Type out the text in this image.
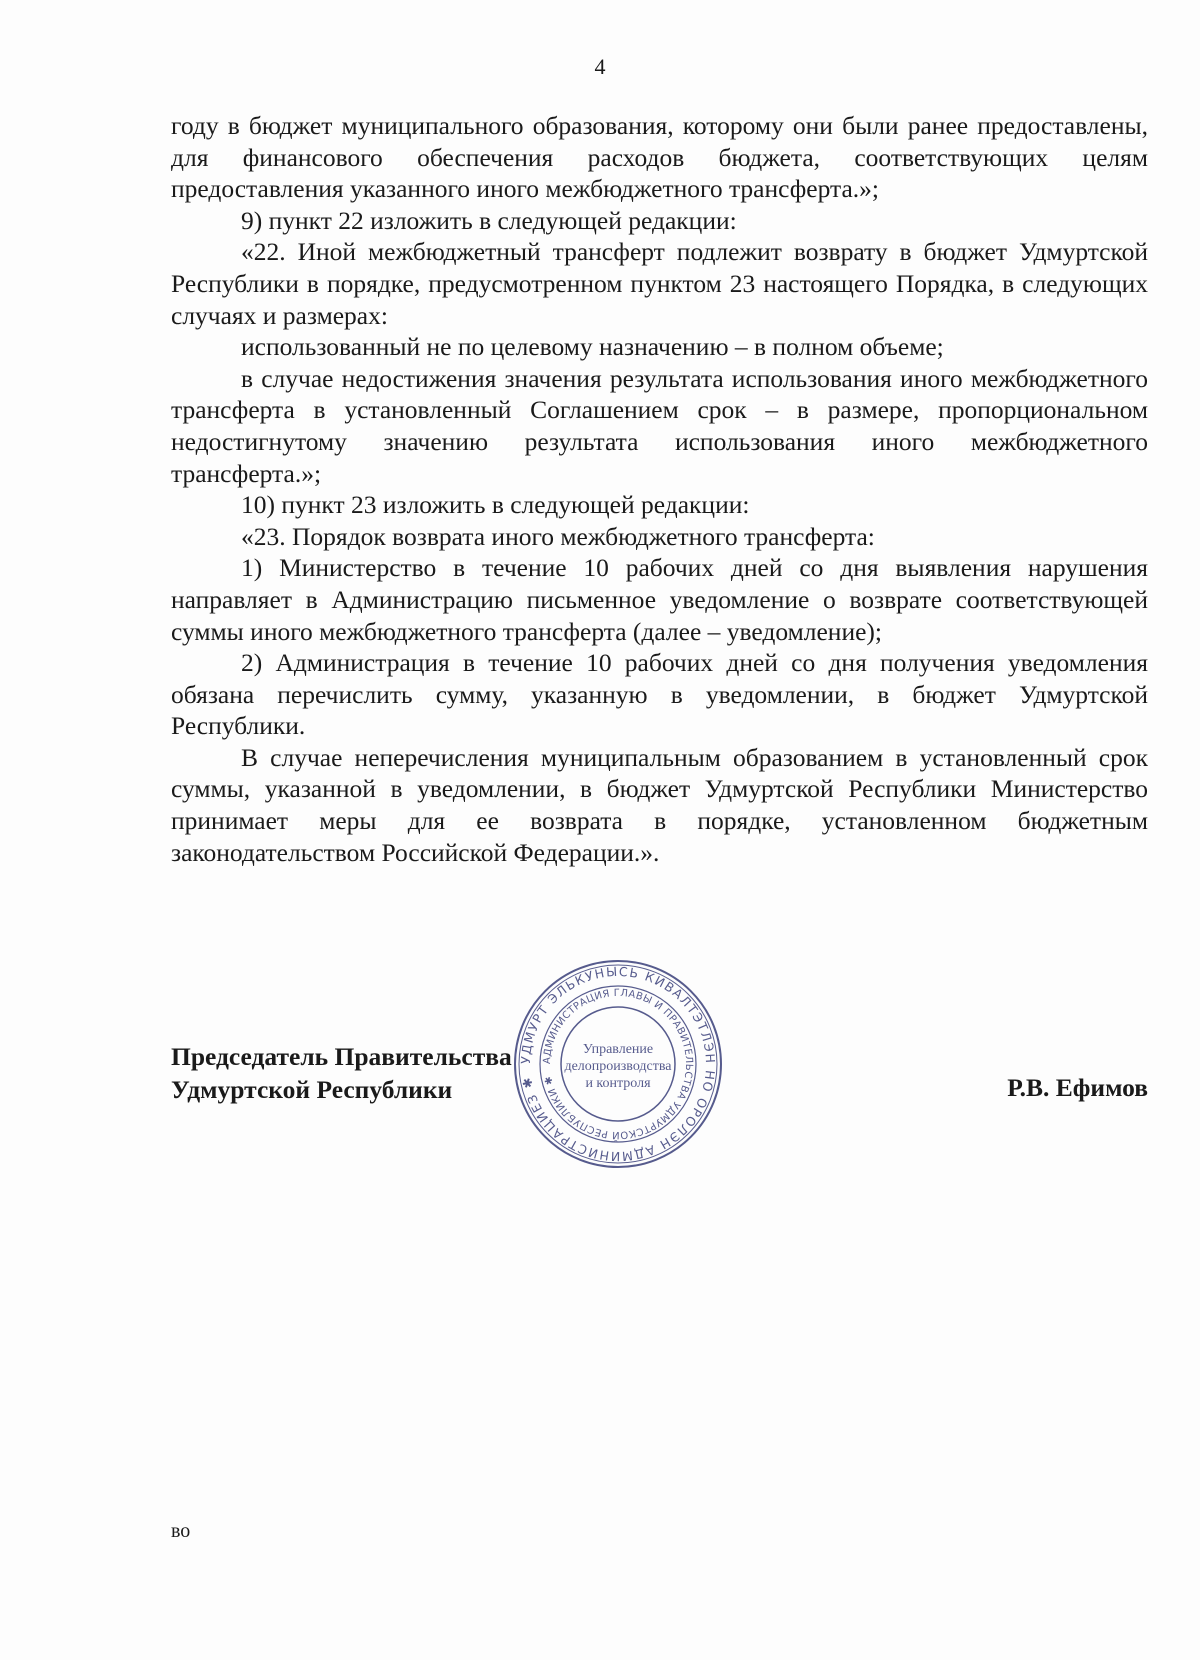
4

году в бюджет муниципального образования, которому они были ранее предоставлены, для финансового обеспечения расходов бюджета, соответствующих целям предоставления указанного иного межбюджетного трансферта.»;

9) пункт 22 изложить в следующей редакции:

«22. Иной межбюджетный трансферт подлежит возврату в бюджет Удмуртской Республики в порядке, предусмотренном пунктом 23 настоящего Порядка, в следующих случаях и размерах:

использованный не по целевому назначению – в полном объеме;

в случае недостижения значения результата использования иного межбюджетного трансферта в установленный Соглашением срок – в размере, пропорциональном недостигнутому значению результата использования иного межбюджетного трансферта.»;

10) пункт 23 изложить в следующей редакции:

«23. Порядок возврата иного межбюджетного трансферта:

1) Министерство в течение 10 рабочих дней со дня выявления нарушения направляет в Администрацию письменное уведомление о возврате соответствующей суммы иного межбюджетного трансферта (далее – уведомление);

2) Администрация в течение 10 рабочих дней со дня получения уведомления обязана перечислить сумму, указанную в уведомлении, в бюджет Удмуртской Республики.

В случае неперечисления муниципальным образованием в установленный срок суммы, указанной в уведомлении, в бюджет Удмуртской Республики Министерство принимает меры для ее возврата в порядке, установленном бюджетным законодательством Российской Федерации.».

Председатель Правительства
Удмуртской Республики	Р.В. Ефимов
УДМУРТ ЭЛЬКУНЫСЬ КИВАЛТЭТЛЭН НО ОРОЛЭН АДМИНИСТРАЦИЕЗ ✱
АДМИНИСТРАЦИЯ ГЛАВЫ И ПРАВИТЕЛЬСТВА УДМУРТСКОЙ РЕСПУБЛИКИ ✱
Управление
делопроизводства
и контроля
во
